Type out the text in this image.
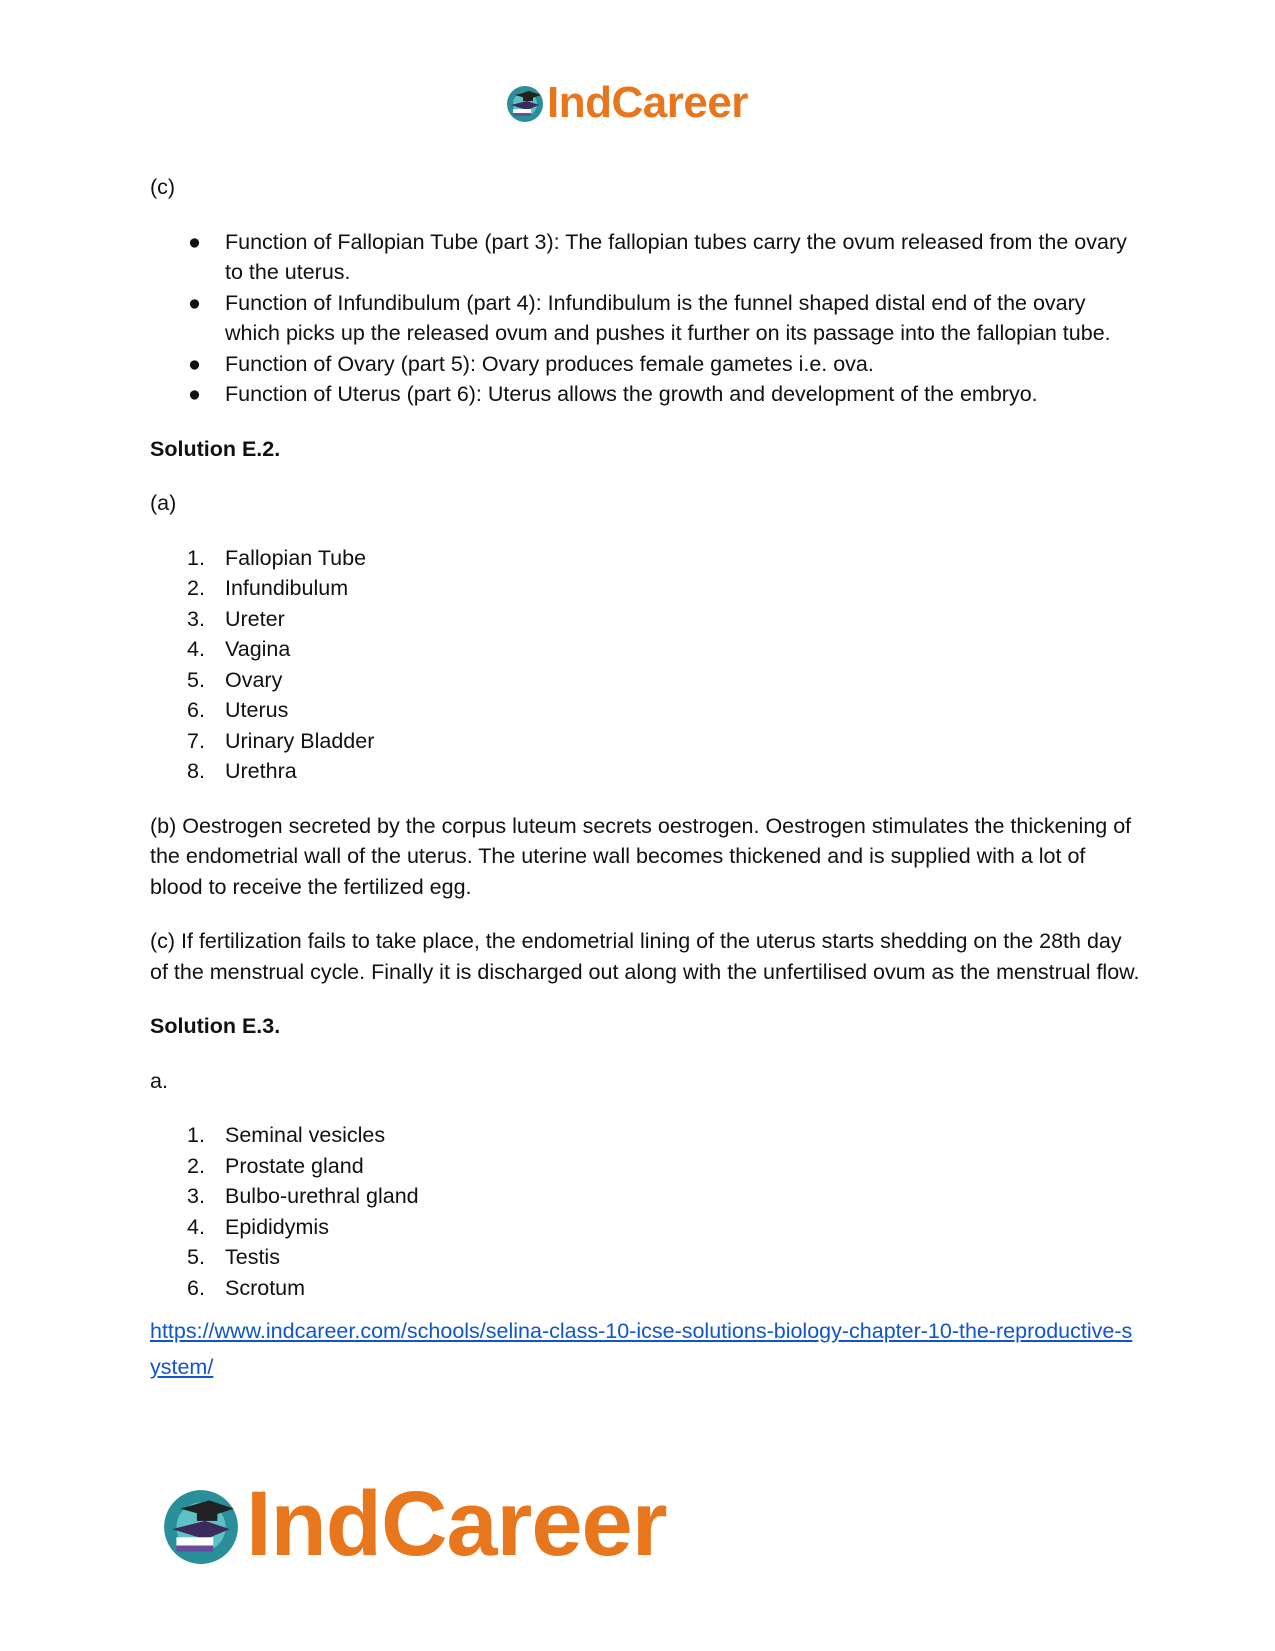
IndCareer

(c)

● Function of Fallopian Tube (part 3): The fallopian tubes carry the ovum released from the ovary to the uterus.
● Function of Infundibulum (part 4): Infundibulum is the funnel shaped distal end of the ovary which picks up the released ovum and pushes it further on its passage into the fallopian tube.
● Function of Ovary (part 5): Ovary produces female gametes i.e. ova.
● Function of Uterus (part 6): Uterus allows the growth and development of the embryo.

Solution E.2.

(a)

1. Fallopian Tube
2. Infundibulum
3. Ureter
4. Vagina
5. Ovary
6. Uterus
7. Urinary Bladder
8. Urethra

(b) Oestrogen secreted by the corpus luteum secrets oestrogen. Oestrogen stimulates the thickening of the endometrial wall of the uterus. The uterine wall becomes thickened and is supplied with a lot of blood to receive the fertilized egg.

(c) If fertilization fails to take place, the endometrial lining of the uterus starts shedding on the 28th day of the menstrual cycle. Finally it is discharged out along with the unfertilised ovum as the menstrual flow.

Solution E.3.

a.

1. Seminal vesicles
2. Prostate gland
3. Bulbo-urethral gland
4. Epididymis
5. Testis
6. Scrotum
https://www.indcareer.com/schools/selina-class-10-icse-solutions-biology-chapter-10-the-reproductive-system/
IndCareer
